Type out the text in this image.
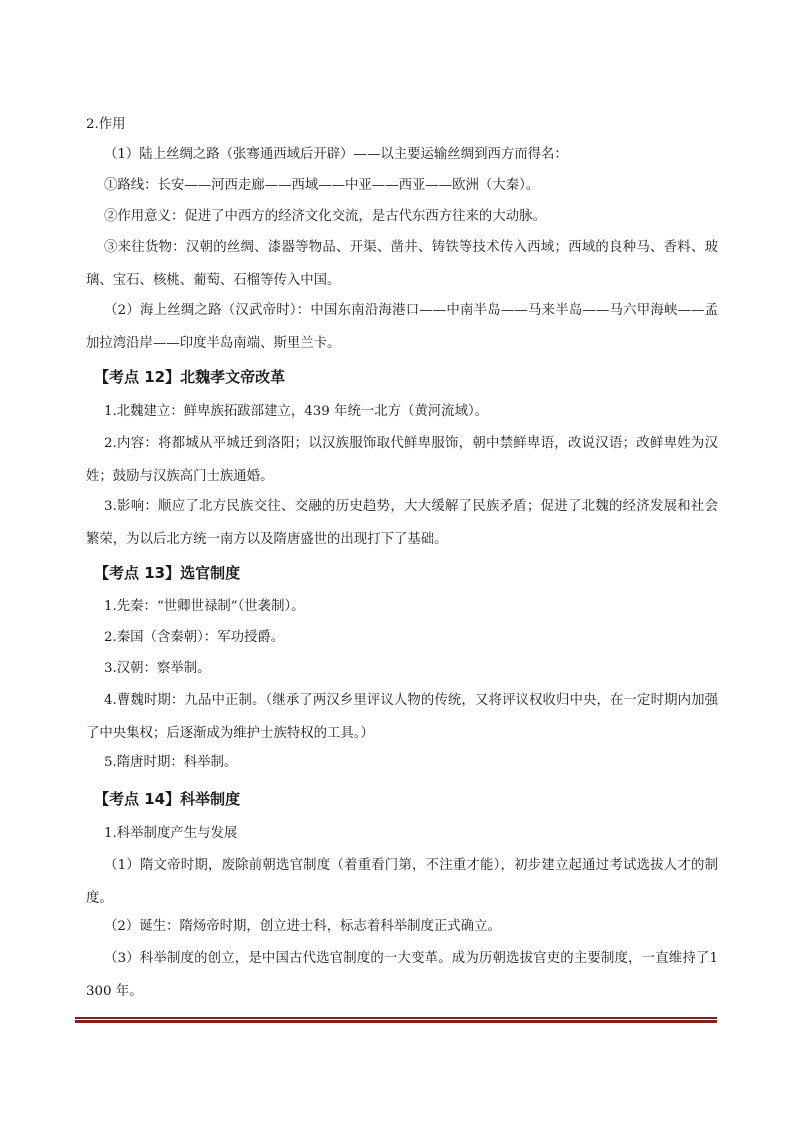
2.作用

（1）陆上丝绸之路（张骞通西域后开辟）——以主要运输丝绸到西方而得名：

①路线：长安——河西走廊——西域——中亚——西亚——欧洲（大秦）。

②作用意义：促进了中西方的经济文化交流，是古代东西方往来的大动脉。

③来往货物：汉朝的丝绸、漆器等物品、开渠、凿井、铸铁等技术传入西域；西域的良种马、香料、玻璃、宝石、核桃、葡萄、石榴等传入中国。

（2）海上丝绸之路（汉武帝时）：中国东南沿海港口——中南半岛——马来半岛——马六甲海峡——孟加拉湾沿岸——印度半岛南端、斯里兰卡。

【考点 12】北魏孝文帝改革

1.北魏建立：鲜卑族拓跋部建立，439 年统一北方（黄河流域）。

2.内容：将都城从平城迁到洛阳；以汉族服饰取代鲜卑服饰，朝中禁鲜卑语，改说汉语；改鲜卑姓为汉姓；鼓励与汉族高门士族通婚。

3.影响：顺应了北方民族交往、交融的历史趋势，大大缓解了民族矛盾；促进了北魏的经济发展和社会繁荣，为以后北方统一南方以及隋唐盛世的出现打下了基础。

【考点 13】选官制度

1.先秦：“世卿世禄制”（世袭制）。

2.秦国（含秦朝）：军功授爵。

3.汉朝：察举制。

4.曹魏时期：九品中正制。（继承了两汉乡里评议人物的传统，又将评议权收归中央，在一定时期内加强了中央集权；后逐渐成为维护士族特权的工具。）

5.隋唐时期：科举制。

【考点 14】科举制度

1.科举制度产生与发展

（1）隋文帝时期，废除前朝选官制度（着重看门第，不注重才能），初步建立起通过考试选拔人才的制度。

（2）诞生：隋炀帝时期，创立进士科，标志着科举制度正式确立。

（3）科举制度的创立，是中国古代选官制度的一大变革。成为历朝选拔官吏的主要制度，一直维持了1300 年。
